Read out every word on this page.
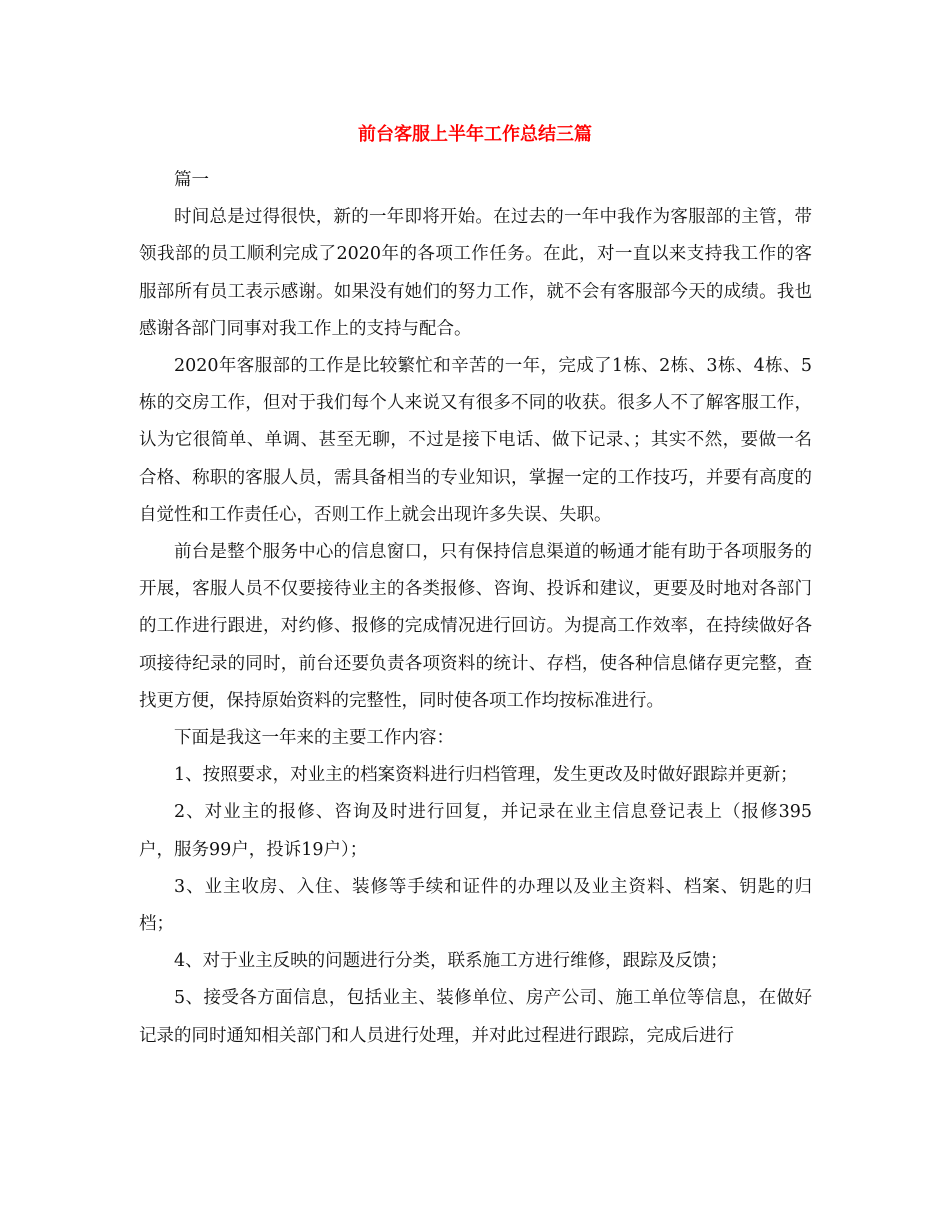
前台客服上半年工作总结三篇

篇一

时间总是过得很快，新的一年即将开始。在过去的一年中我作为客服部的主管，带领我部的员工顺利完成了2020年的各项工作任务。在此，对一直以来支持我工作的客服部所有员工表示感谢。如果没有她们的努力工作，就不会有客服部今天的成绩。我也感谢各部门同事对我工作上的支持与配合。

2020年客服部的工作是比较繁忙和辛苦的一年，完成了1栋、2栋、3栋、4栋、5栋的交房工作，但对于我们每个人来说又有很多不同的收获。很多人不了解客服工作，认为它很简单、单调、甚至无聊，不过是接下电话、做下记录、；其实不然，要做一名合格、称职的客服人员，需具备相当的专业知识，掌握一定的工作技巧，并要有高度的自觉性和工作责任心，否则工作上就会出现许多失误、失职。

前台是整个服务中心的信息窗口，只有保持信息渠道的畅通才能有助于各项服务的开展，客服人员不仅要接待业主的各类报修、咨询、投诉和建议，更要及时地对各部门的工作进行跟进，对约修、报修的完成情况进行回访。为提高工作效率，在持续做好各项接待纪录的同时，前台还要负责各项资料的统计、存档，使各种信息储存更完整，查找更方便，保持原始资料的完整性，同时使各项工作均按标准进行。

下面是我这一年来的主要工作内容：

1、按照要求，对业主的档案资料进行归档管理，发生更改及时做好跟踪并更新；

2、对业主的报修、咨询及时进行回复，并记录在业主信息登记表上（报修395户，服务99户，投诉19户）；

3、业主收房、入住、装修等手续和证件的办理以及业主资料、档案、钥匙的归档；

4、对于业主反映的问题进行分类，联系施工方进行维修，跟踪及反馈；

5、接受各方面信息，包括业主、装修单位、房产公司、施工单位等信息，在做好记录的同时通知相关部门和人员进行处理，并对此过程进行跟踪，完成后进行
